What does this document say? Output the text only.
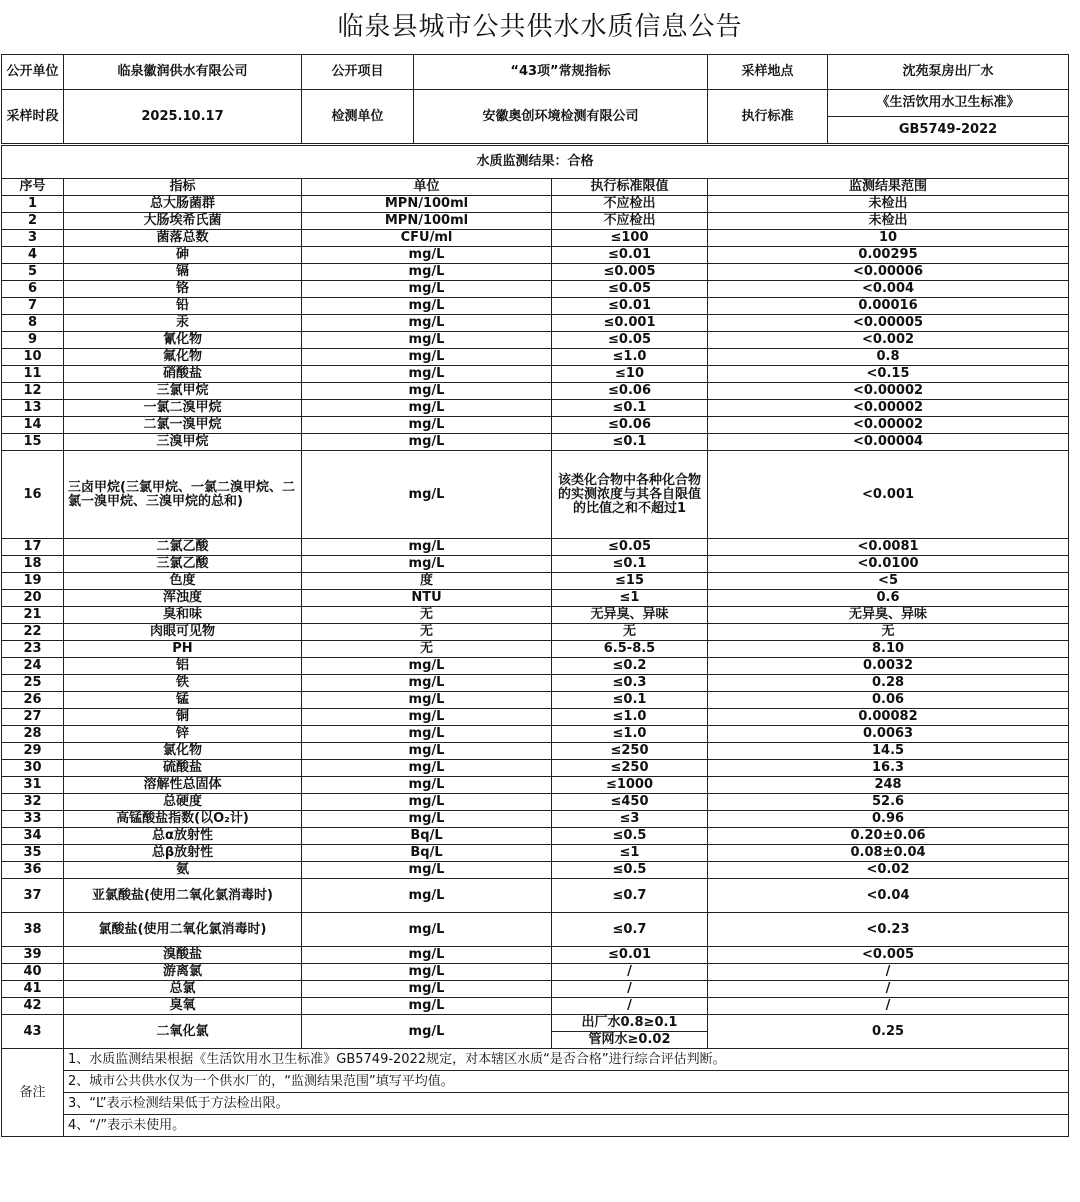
临泉县城市公共供水水质信息公告
公开单位	临泉徽润供水有限公司	公开项目	“43项”常规指标	采样地点	沈苑泵房出厂水
采样时段	2025.10.17	检测单位	安徽奥创环境检测有限公司	执行标准	《生活饮用水卫生标准》
					GB5749-2022
水质监测结果：合格				
序号	指标	单位	执行标准限值	监测结果范围
1	总大肠菌群	MPN/100ml	不应检出	未检出
2	大肠埃希氏菌	MPN/100ml	不应检出	未检出
3	菌落总数	CFU/ml	≤100	10
4	砷	mg/L	≤0.01	0.00295
5	镉	mg/L	≤0.005	<0.00006
6	铬	mg/L	≤0.05	<0.004
7	铅	mg/L	≤0.01	0.00016
8	汞	mg/L	≤0.001	<0.00005
9	氰化物	mg/L	≤0.05	<0.002
10	氟化物	mg/L	≤1.0	0.8
11	硝酸盐	mg/L	≤10	<0.15
12	三氯甲烷	mg/L	≤0.06	<0.00002
13	一氯二溴甲烷	mg/L	≤0.1	<0.00002
14	二氯一溴甲烷	mg/L	≤0.06	<0.00002
15	三溴甲烷	mg/L	≤0.1	<0.00004
16	三卤甲烷(三氯甲烷、一氯二溴甲烷、二氯一溴甲烷、三溴甲烷的总和)	mg/L	该类化合物中各种化合物的实测浓度与其各自限值的比值之和不超过1	<0.001
17	二氯乙酸	mg/L	≤0.05	<0.0081
18	三氯乙酸	mg/L	≤0.1	<0.0100
19	色度	度	≤15	<5
20	浑浊度	NTU	≤1	0.6
21	臭和味	无	无异臭、异味	无异臭、异味
22	肉眼可见物	无	无	无
23	PH	无	6.5-8.5	8.10
24	铝	mg/L	≤0.2	0.0032
25	铁	mg/L	≤0.3	0.28
26	锰	mg/L	≤0.1	0.06
27	铜	mg/L	≤1.0	0.00082
28	锌	mg/L	≤1.0	0.0063
29	氯化物	mg/L	≤250	14.5
30	硫酸盐	mg/L	≤250	16.3
31	溶解性总固体	mg/L	≤1000	248
32	总硬度	mg/L	≤450	52.6
33	高锰酸盐指数(以O₂计)	mg/L	≤3	0.96
34	总α放射性	Bq/L	≤0.5	0.20±0.06
35	总β放射性	Bq/L	≤1	0.08±0.04
36	氨	mg/L	≤0.5	<0.02
37	亚氯酸盐(使用二氧化氯消毒时)	mg/L	≤0.7	<0.04
38	氯酸盐(使用二氧化氯消毒时)	mg/L	≤0.7	<0.23
39	溴酸盐	mg/L	≤0.01	<0.005
40	游离氯	mg/L	/	/
41	总氯	mg/L	/	/
42	臭氧	mg/L	/	/
43	二氧化氯	mg/L	出厂水0.8≥0.1	0.25
			管网水≥0.02	
备注	1、水质监测结果根据《生活饮用水卫生标准》GB5749-2022规定，对本辖区水质“是否合格”进行综合评估判断。			
	2、城市公共供水仅为一个供水厂的，“监测结果范围”填写平均值。			
	3、“L”表示检测结果低于方法检出限。			
	4、“/”表示未使用。			
